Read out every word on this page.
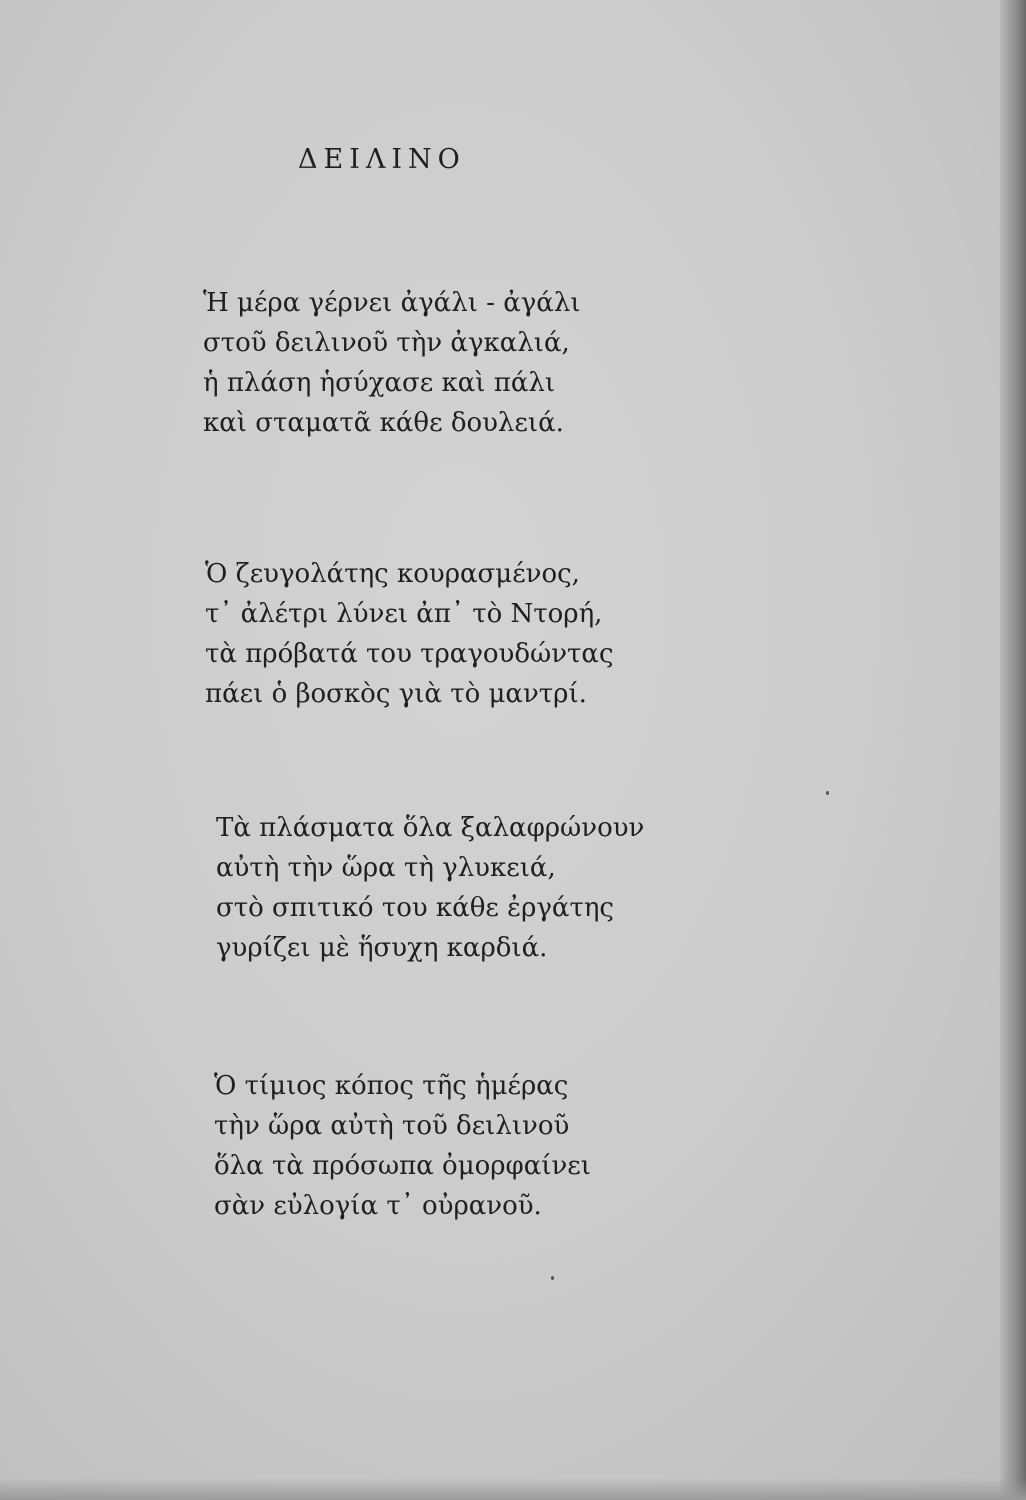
ΔΕΙΛΙΝΟ
Ἡ μέρα γέρνει ἀγάλι - ἀγάλι
στοῦ δειλινοῦ τὴν ἀγκαλιά,
ἡ πλάση ἡσύχασε καὶ πάλι
καὶ σταματᾶ κάθε δουλειά.
Ὁ ζευγολάτης κουρασμένος,
τ᾽ ἀλέτρι λύνει ἀπ᾽ τὸ Ντορή,
τὰ πρόβατά του τραγουδώντας
πάει ὁ βοσκὸς γιὰ τὸ μαντρί.
Τὰ πλάσματα ὅλα ξαλαφρώνουν
αὐτὴ τὴν ὥρα τὴ γλυκειά,
στὸ σπιτικό του κάθε ἐργάτης
γυρίζει μὲ ἥσυχη καρδιά.
Ὁ τίμιος κόπος τῆς ἡμέρας
τὴν ὥρα αὐτὴ τοῦ δειλινοῦ
ὅλα τὰ πρόσωπα ὀμορφαίνει
σὰν εὐλογία τ᾽ οὐρανοῦ.
